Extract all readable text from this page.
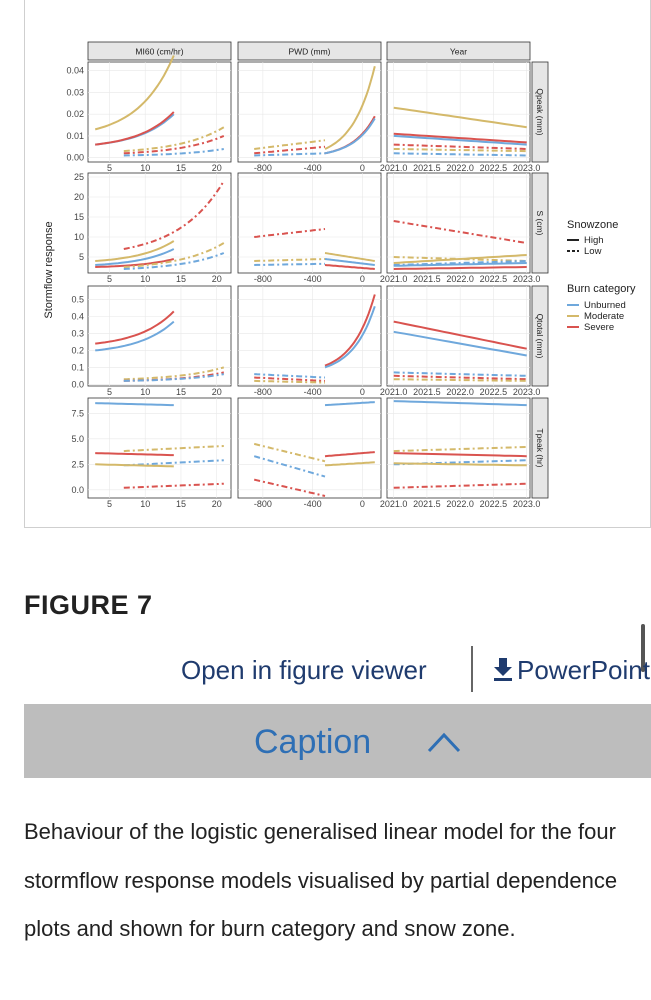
MI60 (cm/hr)	PWD (mm)	Year
Qpeak (mm)
S (cm)
Qtotal (mm)
Tpeak (hr)
Stormflow response
5	10	15	20	-800	-400	0 2021.0 2021.5 2022.0 2022.5 2023.0
0.04
0.03
0.02
0.01
0.00
5	10	15	20	-800	-400	0 2021.0 2021.5 2022.0 2022.5 2023.0
25
20
15
10
5
5	10	15	20	-800	-400	0 2021.0 2021.5 2022.0 2022.5 2023.0
0.5
0.4
0.3
0.2
0.1
0.0
5	10	15	20	-800	-400	0 2021.0 2021.5 2022.0 2022.5 2023.0
7.5
5.0
2.5
0.0
Snowzone
High
Low
Burn category
Unburned
Moderate
Severe
FIGURE 7
Open in figure viewer	PowerPoint
Caption
Behaviour of the logistic generalised linear model for the four stormflow response models visualised by partial dependence plots and shown for burn category and snow zone.
